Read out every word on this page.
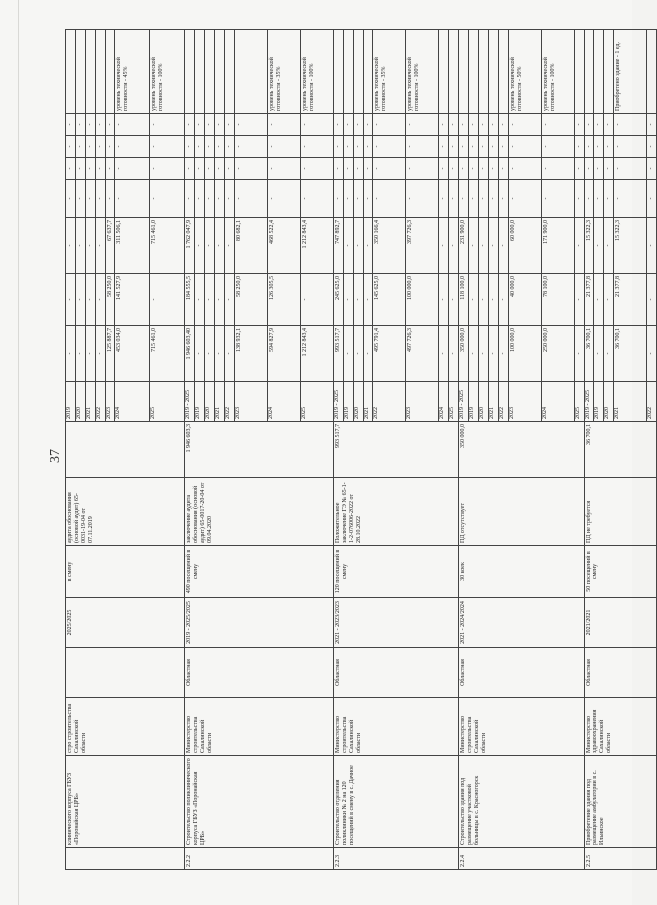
37
	клинического корпуса ГБУЗ «Поронайская ЦРБ»	стро строительства Сахалинской области		2025/2025	в смену	аудита обоснования (основой аудит) 65-0031-19-04 от 07.11.2019		2019	-	-	-	-	-	-	-	
								2020	-	-	-	-	-	-	-	
								2021	-	-	-	-	-	-	-	
								2022	-	-	-	-	-	-	-	
								2023	125 887,7	58 250,0	67 637,7	-	-	-	-	
								2024	453 034,0	141 527,9	311 506,1	-	-	-	-	уровень технической готовности - 45%
								2025	715 461,0	-	715 461,0	-	-	-	-	уровень технической готовности - 100%
2.2.2	Строительство поликлинического корпуса ГБУЗ «Поронайская ЦРБ»	Министерство строительства Сахалинской области	Областная	2019 - 2025/2025	490 посещений в смену	заключение аудита обоснования (основой аудит) 65-0017-20-04 от 09.04.2020	1 946 603,3	2019 - 2025	1 946 603,40	184 555,5	1 762 047,9	-	-	-	-	
								2019	-	-	-	-	-	-	-	
								2020	-	-	-	-	-	-	-	
								2021	-	-	-	-	-	-	-	
								2022	-	-	-	-	-	-	-	
								2023	138 932,1	58 250,0	80 682,1	-	-	-	-	
								2024	594 827,9	126 305,5	468 522,4	-	-	-	-	уровень технической готовности - 35%
								2025	1 212 843,4	-	1 212 843,4	-	-	-	-	уровень технической готовности - 100%
2.2.3	Строительство отделения поликлиники № 2 на 120 посещений в смену в с. Дачное	Министерство строительства Сахалинской области	Областная	2021 - 2023/2023	120 посещений в смену	Положительное заключение ГЭ № 65-1-1-2-076006-2022 от 28.10.2022	993 517,7	2019 - 2025	993 517,7	245 625,0	747 892,7	-	-	-	-	
								2019	-	-	-	-	-	-	-	
								2020	-	-	-	-	-	-	-	
								2021	-	-	-	-	-	-	-	
								2022	495 791,4	145 625,0	350 166,4	-	-	-	-	уровень технической готовности - 35%
								2023	497 726,3	100 000,0	397 726,3	-	-	-	-	уровень технической готовности - 100%
								2024	-	-	-	-	-	-	-	
								2025	-	-	-	-	-	-	-	
2.2.4	Строительство здания под размещение участковой больницы в с. Красногорск	Министерство строительства Сахалинской области	Областная	2021 - 2024/2024	30 коек	ПД отсутствует	350 000,0	2019 - 2025	350 000,0	118 100,0	231 900,0	-	-	-	-	
								2019	-	-	-	-	-	-	-	
								2020	-	-	-	-	-	-	-	
								2021	-	-	-	-	-	-	-	
								2022	-	-	-	-	-	-	-	
								2023	100 000,0	40 000,0	60 000,0	-	-	-	-	уровень технической готовности - 50%
								2024	250 000,0	78 100,0	171 900,0	-	-	-	-	уровень технической готовности - 100%
								2025	-	-	-	-	-	-	-	
2.2.5	Приобретение здания под размещение амбулатории в с. Ильинское	Министерство здравоохранения Сахалинской области	Областная	2021/2021	50 посещений в смену	ПД не требуется	36 700,1	2019 - 2025	36 700,1	21 377,8	15 322,3	-	-	-	-	
								2019	-	-	-	-	-	-	-	
								2020	-	-	-	-	-	-	-	
								2021	36 700,1	21 377,8	15 322,3	-	-	-	-	Приобретено здание - 1 ед.
								2022	-	-	-	-	-	-	-	
